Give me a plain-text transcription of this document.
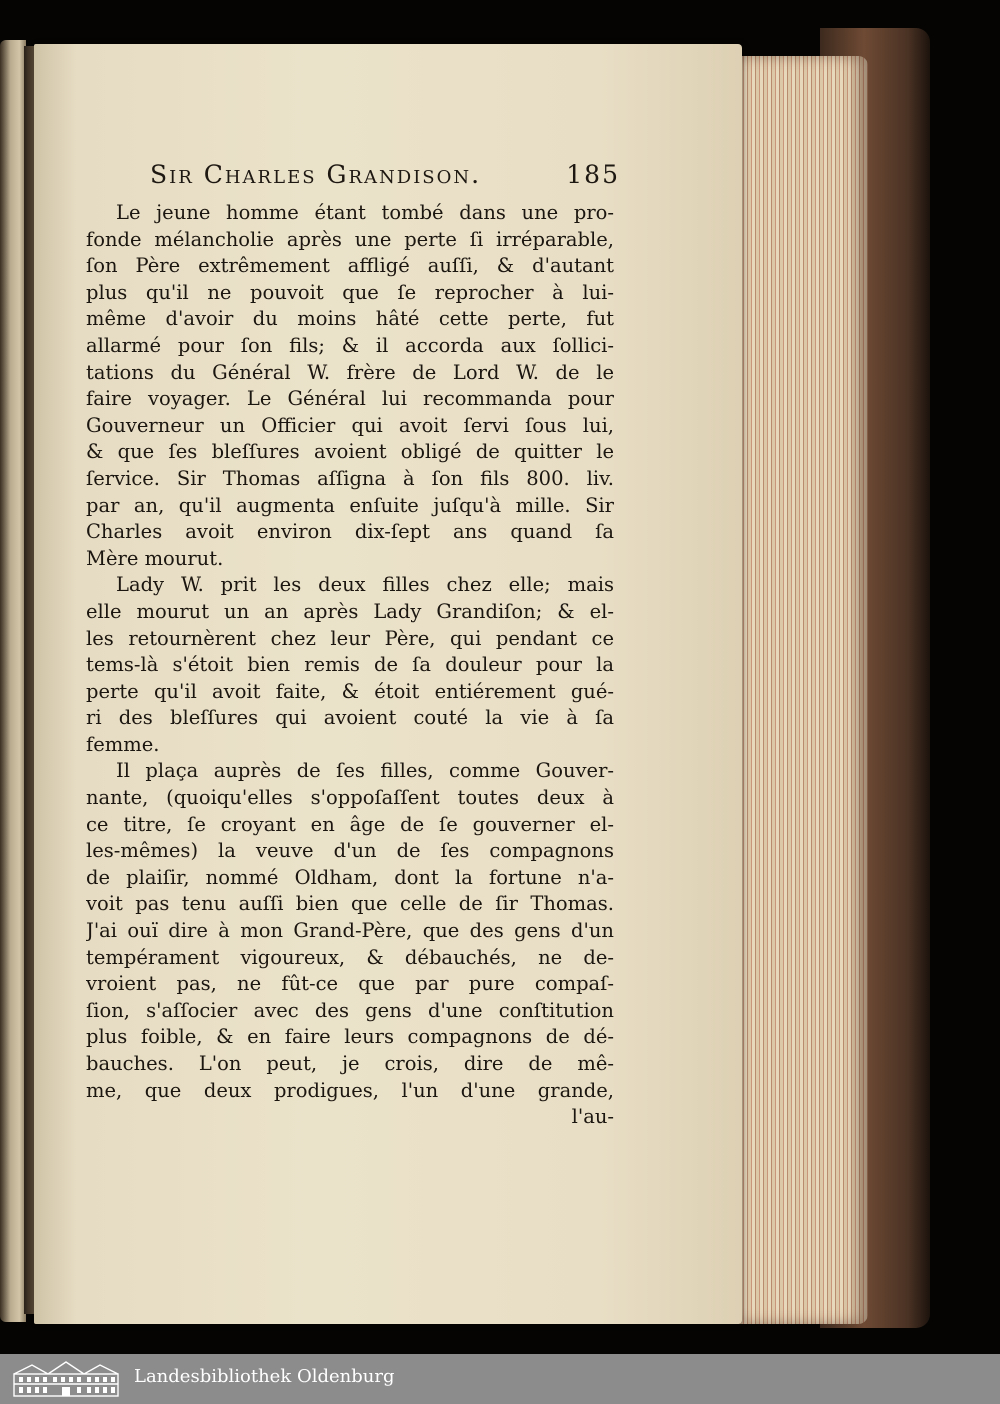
Sir Charles Grandison.	185
Le jeune homme étant tombé dans une pro-
fonde mélancholie après une perte ſi irréparable,
ſon Père extrêmement affligé auſſi, & d'autant
plus qu'il ne pouvoit que ſe reprocher à lui-
même d'avoir du moins hâté cette perte, fut
allarmé pour ſon fils; & il accorda aux ſollici-
tations du Général W. frère de Lord W. de le
faire voyager. Le Général lui recommanda pour
Gouverneur un Officier qui avoit ſervi ſous lui,
& que ſes bleſſures avoient obligé de quitter le
ſervice. Sir Thomas aſſigna à ſon fils 800. liv.
par an, qu'il augmenta enſuite juſqu'à mille. Sir
Charles avoit environ dix-ſept ans quand ſa
Mère mourut.
Lady W. prit les deux filles chez elle; mais
elle mourut un an après Lady Grandiſon; & el-
les retournèrent chez leur Père, qui pendant ce
tems-là s'étoit bien remis de ſa douleur pour la
perte qu'il avoit faite, & étoit entiérement gué-
ri des bleſſures qui avoient couté la vie à ſa
femme.
Il plaça auprès de ſes filles, comme Gouver-
nante, (quoiqu'elles s'oppoſaſſent toutes deux à
ce titre, ſe croyant en âge de ſe gouverner el-
les-mêmes) la veuve d'un de ſes compagnons
de plaiſir, nommé Oldham, dont la fortune n'a-
voit pas tenu auſſi bien que celle de ſir Thomas.
J'ai ouï dire à mon Grand-Père, que des gens d'un
tempérament vigoureux, & débauchés, ne de-
vroient pas, ne fût-ce que par pure compaſ-
ſion, s'aſſocier avec des gens d'une conſtitution
plus foible, & en faire leurs compagnons de dé-
bauches. L'on peut, je crois, dire de mê-
me, que deux prodigues, l'un d'une grande,
l'au-
Landesbibliothek Oldenburg
